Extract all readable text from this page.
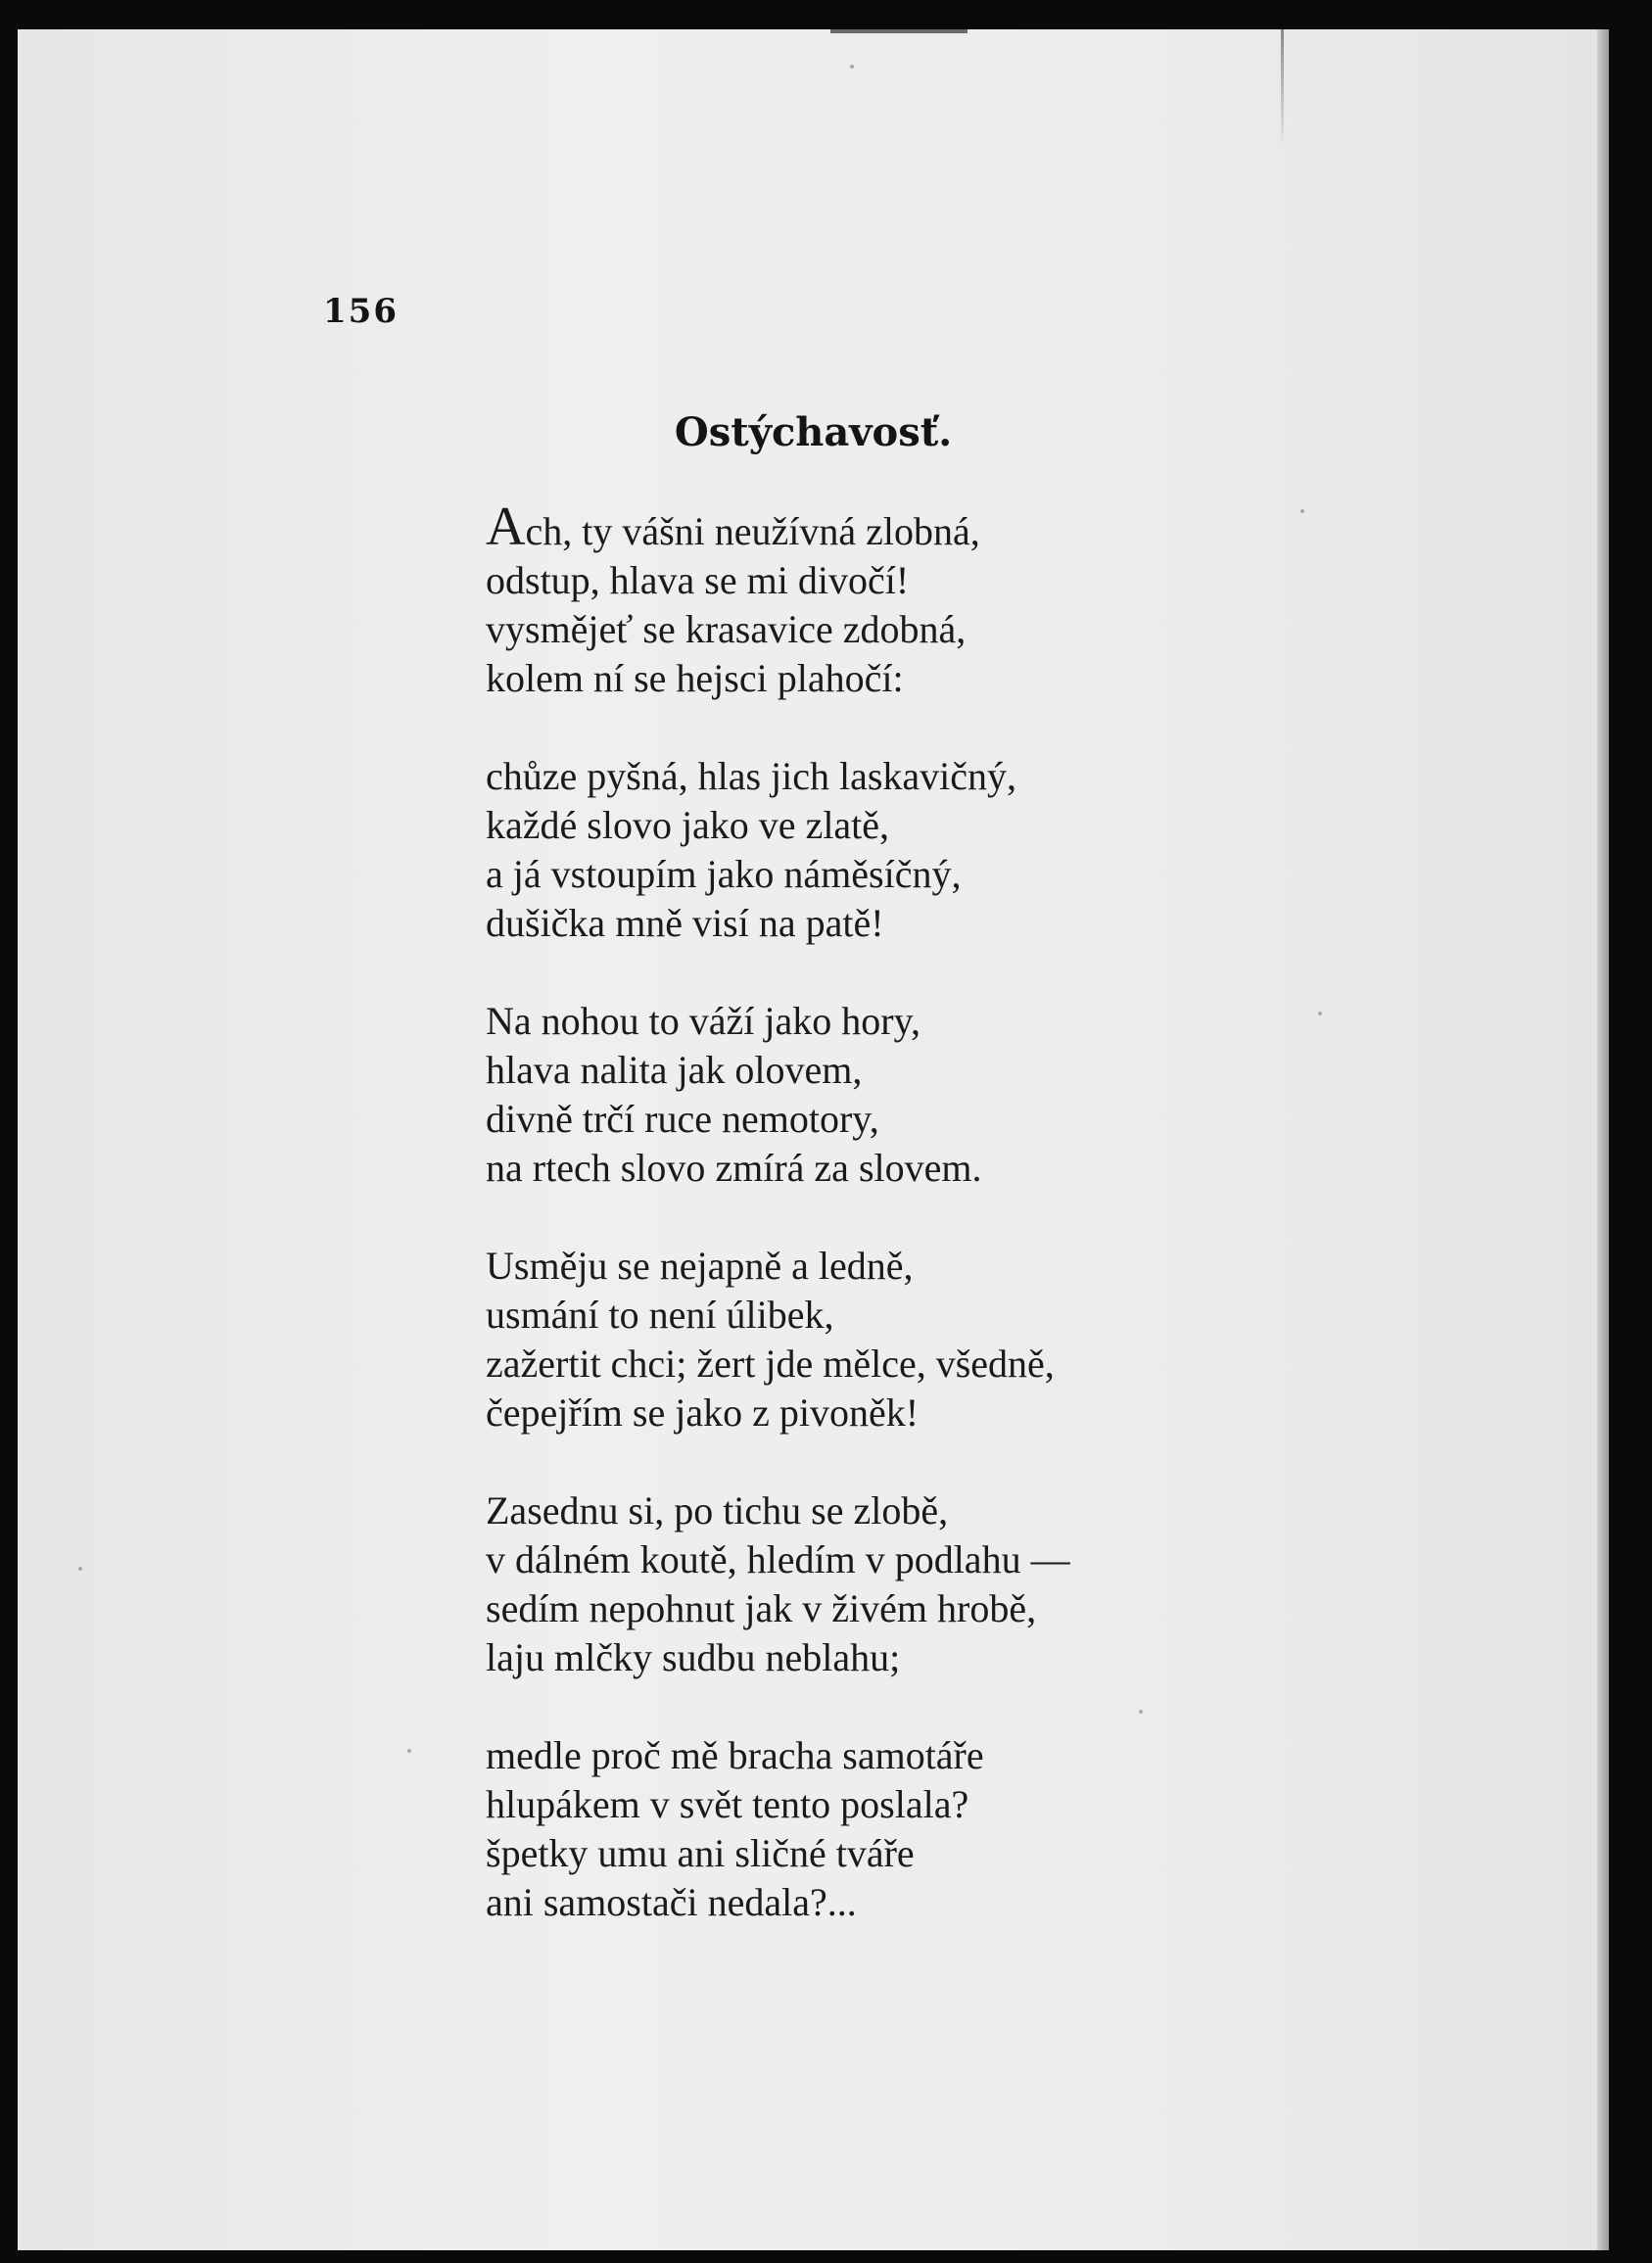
156
Ostýchavosť.
Ach, ty vášni neužívná zlobná,
odstup, hlava se mi divočí!
vysmějeť se krasavice zdobná,
kolem ní se hejsci plahočí:
chůze pyšná, hlas jich laskavičný,
každé slovo jako ve zlatě,
a já vstoupím jako náměsíčný,
dušička mně visí na patě!
Na nohou to váží jako hory,
hlava nalita jak olovem,
divně trčí ruce nemotory,
na rtech slovo zmírá za slovem.
Usměju se nejapně a ledně,
usmání to není úlibek,
zažertit chci; žert jde mělce, všedně,
čepejřím se jako z pivoněk!
Zasednu si, po tichu se zlobě,
v dálném koutě, hledím v podlahu —
sedím nepohnut jak v živém hrobě,
laju mlčky sudbu neblahu;
medle proč mě bracha samotáře
hlupákem v svět tento poslala?
špetky umu ani sličné tváře
ani samostači nedala?...
